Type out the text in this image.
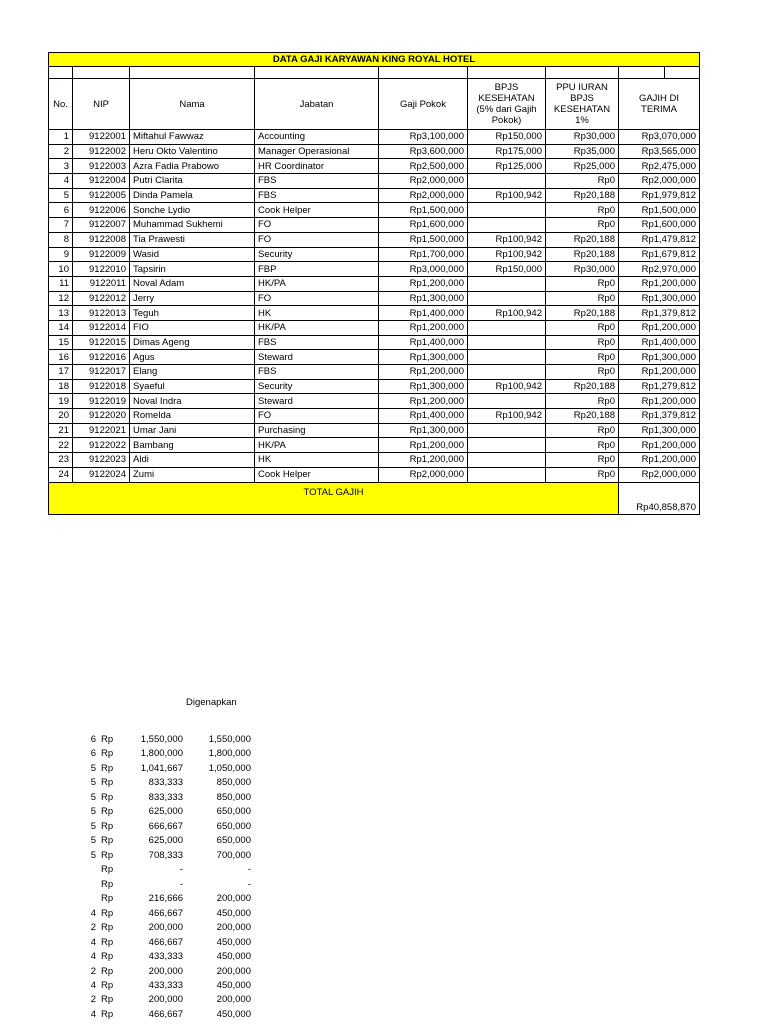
DATA GAJI KARYAWAN KING ROYAL HOTEL							

No.	NIP	Nama	Jabatan	Gaji Pokok	BPJS KESEHATAN (5% dari Gajih Pokok)	PPU IURAN BPJS KESEHATAN 1%	GAJIH DI TERIMA
1	9122001	Miftahul Fawwaz	Accounting	Rp3,100,000	Rp150,000	Rp30,000	Rp3,070,000
2	9122002	Heru Okto Valentino	Manager Operasional	Rp3,600,000	Rp175,000	Rp35,000	Rp3,565,000
3	9122003	Azra Fadia Prabowo	HR Coordinator	Rp2,500,000	Rp125,000	Rp25,000	Rp2,475,000
4	9122004	Putri Clarita	FBS	Rp2,000,000		Rp0	Rp2,000,000
5	9122005	Dinda Pamela	FBS	Rp2,000,000	Rp100,942	Rp20,188	Rp1,979,812
6	9122006	Sonche Lydio	Cook Helper	Rp1,500,000		Rp0	Rp1,500,000
7	9122007	Muhammad Sukhemi	FO	Rp1,600,000		Rp0	Rp1,600,000
8	9122008	Tia Prawesti	FO	Rp1,500,000	Rp100,942	Rp20,188	Rp1,479,812
9	9122009	Wasid	Security	Rp1,700,000	Rp100,942	Rp20,188	Rp1,679,812
10	9122010	Tapsirin	FBP	Rp3,000,000	Rp150,000	Rp30,000	Rp2,970,000
11	9122011	Noval Adam	HK/PA	Rp1,200,000		Rp0	Rp1,200,000
12	9122012	Jerry	FO	Rp1,300,000		Rp0	Rp1,300,000
13	9122013	Teguh	HK	Rp1,400,000	Rp100,942	Rp20,188	Rp1,379,812
14	9122014	FIO	HK/PA	Rp1,200,000		Rp0	Rp1,200,000
15	9122015	Dimas Ageng	FBS	Rp1,400,000		Rp0	Rp1,400,000
16	9122016	Agus	Steward	Rp1,300,000		Rp0	Rp1,300,000
17	9122017	Elang	FBS	Rp1,200,000		Rp0	Rp1,200,000
18	9122018	Syaeful	Security	Rp1,300,000	Rp100,942	Rp20,188	Rp1,279,812
19	9122019	Noval Indra	Steward	Rp1,200,000		Rp0	Rp1,200,000
20	9122020	Romelda	FO	Rp1,400,000	Rp100,942	Rp20,188	Rp1,379,812
21	9122021	Umar Jani	Purchasing	Rp1,300,000		Rp0	Rp1,300,000
22	9122022	Bambang	HK/PA	Rp1,200,000		Rp0	Rp1,200,000
23	9122023	Aldi	HK	Rp1,200,000		Rp0	Rp1,200,000
24	9122024	Zumi	Cook Helper	Rp2,000,000		Rp0	Rp2,000,000
TOTAL GAJIH							Rp40,858,870
Digenapkan
6 Rp	1,550,000	1,550,000
6 Rp	1,800,000	1,800,000
5 Rp	1,041,667	1,050,000
5 Rp	833,333	850,000
5 Rp	833,333	850,000
5 Rp	625,000	650,000
5 Rp	666,667	650,000
5 Rp	625,000	650,000
5 Rp	708,333	700,000
Rp	-	-
Rp	-	-
Rp	216,666	200,000
4 Rp	466,667	450,000
2 Rp	200,000	200,000
4 Rp	466,667	450,000
4 Rp	433,333	450,000
2 Rp	200,000	200,000
4 Rp	433,333	450,000
2 Rp	200,000	200,000
4 Rp	466,667	450,000
